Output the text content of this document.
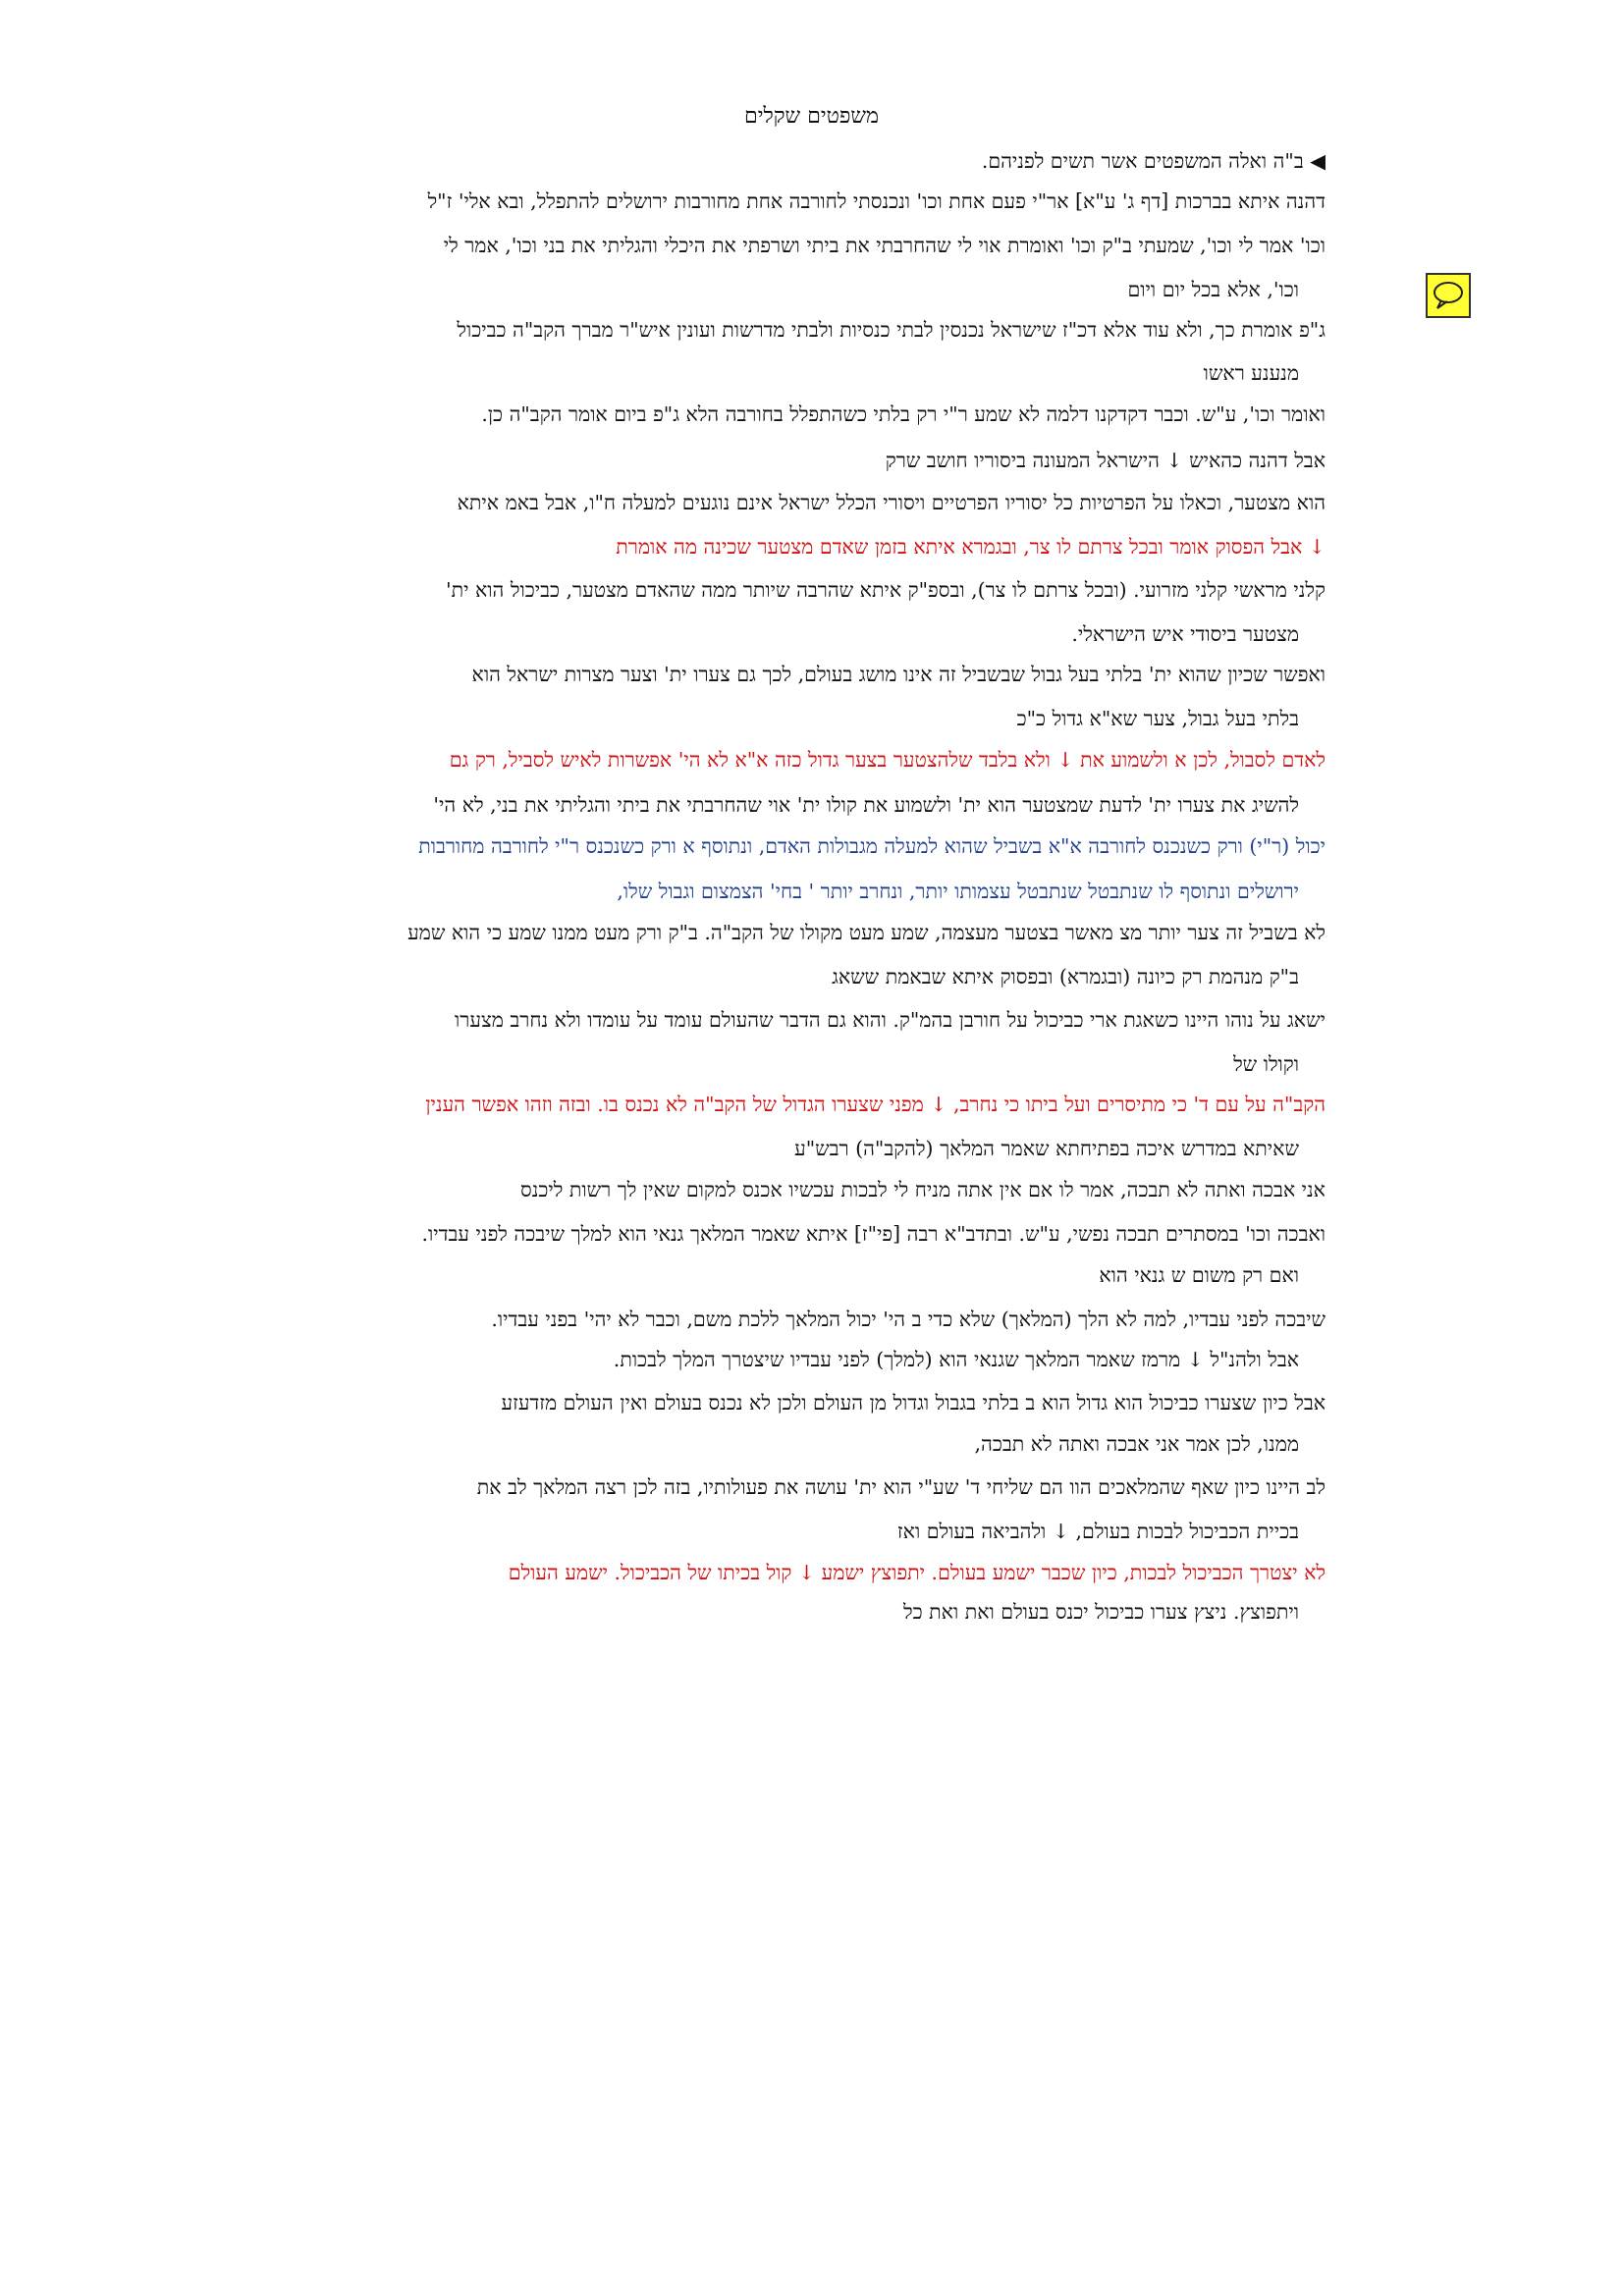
משפטים שקלים
◀ ב"ה ואלה המשפטים אשר תשים לפניהם.
דהנה איתא בברכות [דף ג' ע"א] אר"י פעם אחת וכו' ונכנסתי לחורבה אחת מחורבות ירושלים להתפלל, ובא אלי' ז"ל
וכו' אמר לי וכו', שמעתי ב"ק וכו' ואומרת אוי לי שהחרבתי את ביתי ושרפתי את היכלי והגליתי את בני וכו', אמר לי
וכו', אלא בכל יום ויום
ג"פ אומרת כך, ולא עוד אלא דכ"ז שישראל נכנסין לבתי כנסיות ולבתי מדרשות ועונין איש"ר מברך הקב"ה כביכול
מנענע ראשו
ואומר וכו', ע"ש. וכבר דקדקנו דלמה לא שמע ר"י רק בלתי כשהתפלל בחורבה הלא ג"פ ביום אומר הקב"ה כן.
אבל דהנה כהאיש ↓ הישראל המעונה ביסוריו חושב שרק
הוא מצטער, וכאלו על הפרטיות כל יסוריו הפרטיים ויסורי הכלל ישראל אינם נוגעים למעלה ח"ו, אבל באמ איתא
↓ אבל הפסוק אומר ובכל צרתם לו צר, ובגמרא איתא בזמן שאדם מצטער שכינה מה אומרת
קלני מראשי קלני מזרועי. (ובכל צרתם לו צר), ובספ"ק איתא שהרבה שיותר ממה שהאדם מצטער, כביכול הוא ית'
מצטער ביסודי איש הישראלי.
ואפשר שכיון שהוא ית' בלתי בעל גבול שבשביל זה אינו מושג בעולם, לכך גם צערו ית' וצער מצרות ישראל הוא
בלתי בעל גבול, צער שא"א גדול כ"כ
לאדם לסבול, לכן א ולשמוע את ↓ ולא בלבד שלהצטער בצער גדול כזה א"א לא הי' אפשרות לאיש לסביל, רק גם
להשיג את צערו ית' לדעת שמצטער הוא ית' ולשמוע את קולו ית' אוי שהחרבתי את ביתי והגליתי את בני, לא הי'
יכול (ר"י) ורק כשנכנס לחורבה א"א בשביל שהוא למעלה מגבולות האדם, ונתוסף א ורק כשנכנס ר"י לחורבה מחורבות
ירושלים ונתוסף לו שנתבטל שנתבטל עצמותו יותר, ונחרב יותר ' בחי' הצמצום וגבול שלו,
לא בשביל זה צער יותר מצ מאשר בצטער מעצמה, שמע מעט מקולו של הקב"ה. ב"ק ורק מעט ממנו שמע כי הוא שמע
ב"ק מנהמת רק כיונה (ובגמרא) ובפסוק איתא שבאמת ששאג
ישאג על נוהו היינו כשאגת ארי כביכול על חורבן בהמ"ק. והוא גם הדבר שהעולם עומד על עומדו ולא נחרב מצערו
וקולו של
הקב"ה על עם ד' כי מתיסרים ועל ביתו כי נחרב, ↓ מפני שצערו הגדול של הקב"ה לא נכנס בו. ובזה וזהו אפשר הענין
שאיתא במדרש איכה בפתיחתא שאמר המלאך (להקב"ה) רבש"ע
אני אבכה ואתה לא תבכה, אמר לו אם אין אתה מניח לי לבכות עכשיו אכנס למקום שאין לך רשות ליכנס
ואבכה וכו' במסתרים תבכה נפשי, ע"ש. ובתדב"א רבה [פי"ז] איתא שאמר המלאך גנאי הוא למלך שיבכה לפני עבדיו.
ואם רק משום ש גנאי הוא
שיבכה לפני עבדיו, למה לא הלך (המלאך) שלא כדי ב הי' יכול המלאך ללכת משם, וכבר לא יהי' בפני עבדיו.
אבל ולהנ"ל ↓ מרמז שאמר המלאך שגנאי הוא (למלך) לפני עבדיו שיצטרך המלך לבכות.
אבל כיון שצערו כביכול הוא גדול הוא ב בלתי בגבול וגדול מן העולם ולכן לא נכנס בעולם ואין העולם מזדעזע
ממנו, לכן אמר אני אבכה ואתה לא תבכה,
לב היינו כיון שאף שהמלאכים הוו הם שליחי ד' שע"י הוא ית' עושה את פעולותיו, בזה לכן רצה המלאך לב את
בכיית הכביכול לבכות בעולם, ↓ ולהביאה בעולם ואז
לא יצטרך הכביכול לבכות, כיון שכבר ישמע בעולם. יתפוצץ ישמע ↓ קול בכיתו של הכביכול. ישמע העולם
ויתפוצץ. ניצץ צערו כביכול יכנס בעולם ואת ואת כל
